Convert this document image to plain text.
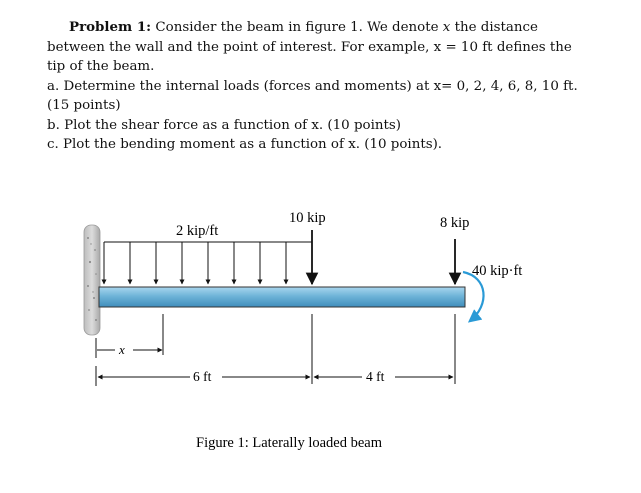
Problem 1: Consider the beam in figure 1. We denote x the distance between the wall and the point of interest. For example, x = 10 ft defines the tip of the beam.

a. Determine the internal loads (forces and moments) at x= 0, 2, 4, 6, 8, 10 ft. (15 points)

b. Plot the shear force as a function of x. (10 points)

c. Plot the bending moment as a function of x. (10 points).

2 kip/ft
10 kip	8 kip
40 kip·ft
x
6 ft	4 ft
Figure 1: Laterally loaded beam
